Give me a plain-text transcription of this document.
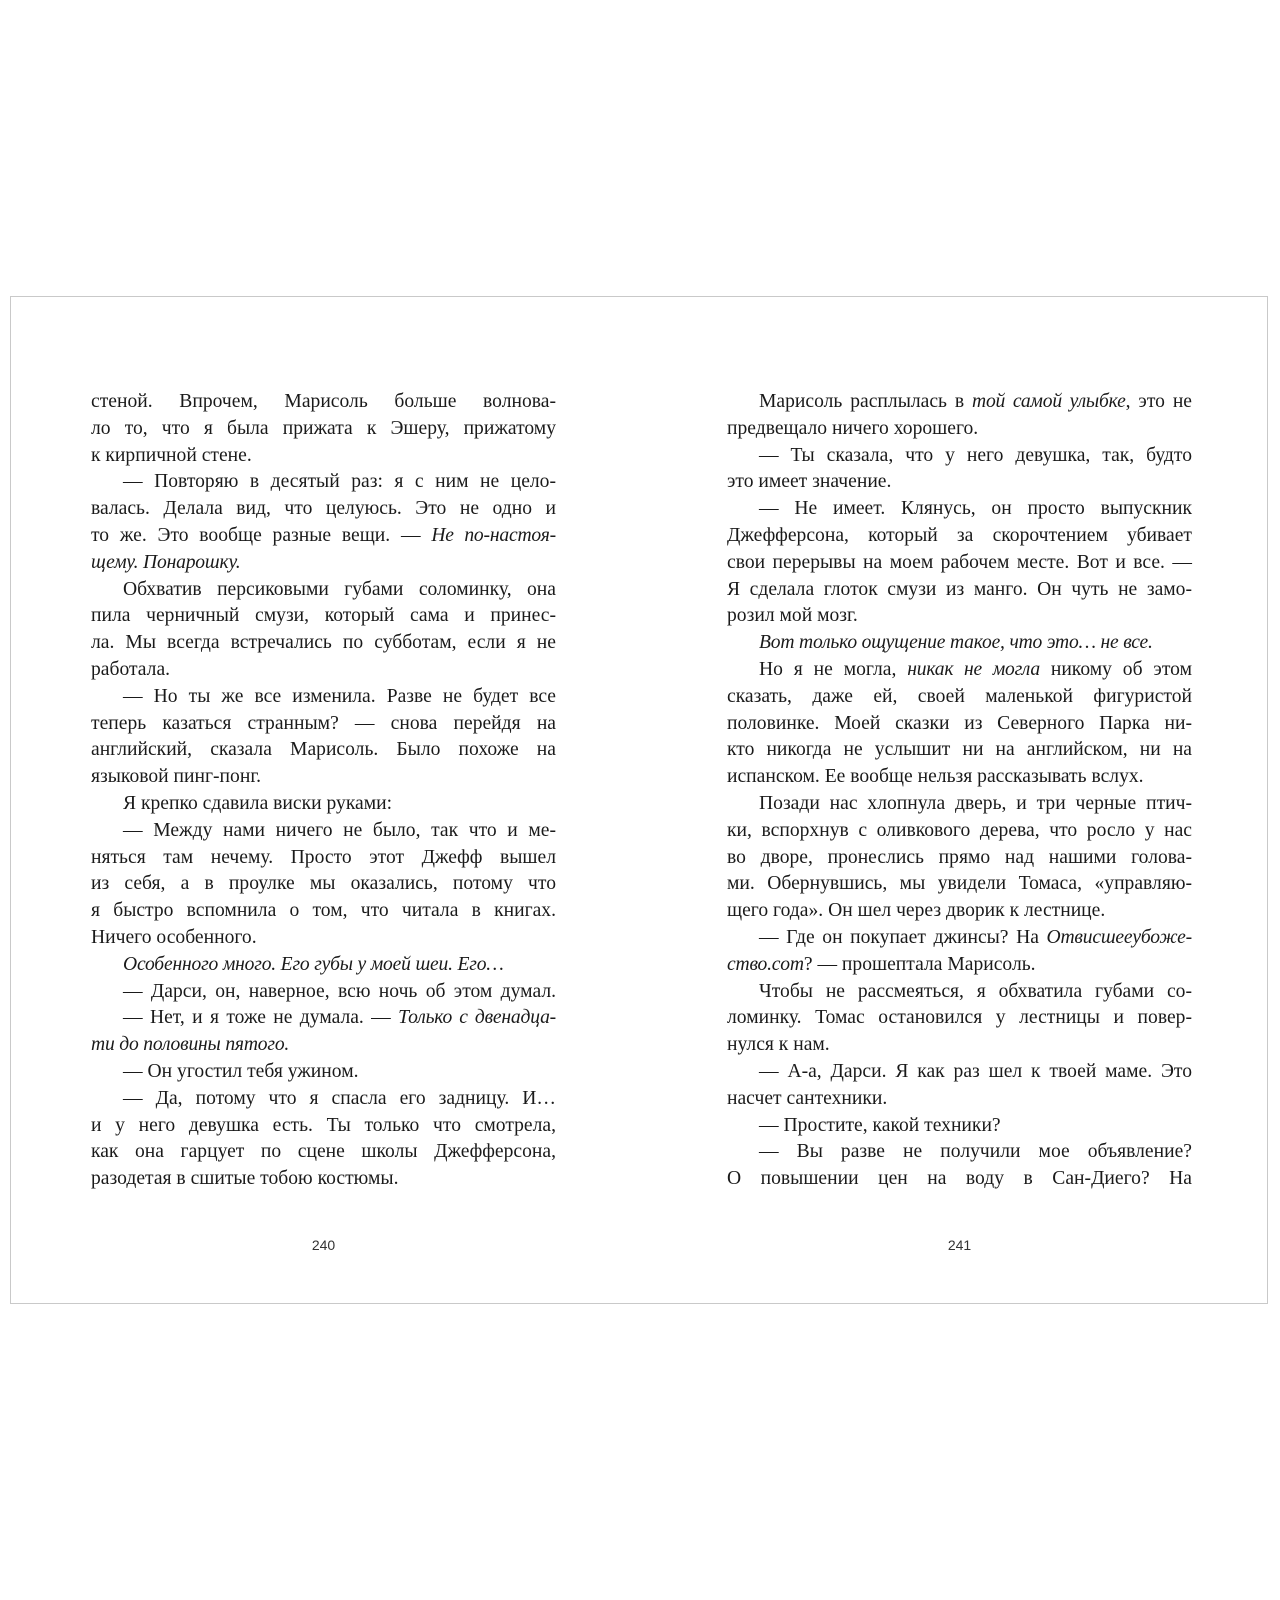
стеной. Впрочем, Марисоль больше волнова-
ло то, что я была прижата к Эшеру, прижатому
к кирпичной стене.
— Повторяю в десятый раз: я с ним не цело-
валась. Делала вид, что целуюсь. Это не одно и
то же. Это вообще разные вещи. — Не по-настоя-
щему. Понарошку.
Обхватив персиковыми губами соломинку, она
пила черничный смузи, который сама и принес-
ла. Мы всегда встречались по субботам, если я не
работала.
— Но ты же все изменила. Разве не будет все
теперь казаться странным? — снова перейдя на
английский, сказала Марисоль. Было похоже на
языковой пинг-понг.
Я крепко сдавила виски руками:
— Между нами ничего не было, так что и ме-
няться там нечему. Просто этот Джефф вышел
из себя, а в проулке мы оказались, потому что
я быстро вспомнила о том, что читала в книгах.
Ничего особенного.
Особенного много. Его губы у моей шеи. Его…
— Дарси, он, наверное, всю ночь об этом думал.
— Нет, и я тоже не думала. — Только с двенадца-
ти до половины пятого.
— Он угостил тебя ужином.
— Да, потому что я спасла его задницу. И…
и у него девушка есть. Ты только что смотрела,
как она гарцует по сцене школы Джефферсона,
разодетая в сшитые тобою костюмы.
Марисоль расплылась в той самой улыбке, это не
предвещало ничего хорошего.
— Ты сказала, что у него девушка, так, будто
это имеет значение.
— Не имеет. Клянусь, он просто выпускник
Джефферсона, который за скорочтением убивает
свои перерывы на моем рабочем месте. Вот и все. —
Я сделала глоток смузи из манго. Он чуть не замо-
розил мой мозг.
Вот только ощущение такое, что это… не все.
Но я не могла, никак не могла никому об этом
сказать, даже ей, своей маленькой фигуристой
половинке. Моей сказки из Северного Парка ни-
кто никогда не услышит ни на английском, ни на
испанском. Ее вообще нельзя рассказывать вслух.
Позади нас хлопнула дверь, и три черные птич-
ки, вспорхнув с оливкового дерева, что росло у нас
во дворе, пронеслись прямо над нашими голова-
ми. Обернувшись, мы увидели Томаса, «управляю-
щего года». Он шел через дворик к лестнице.
— Где он покупает джинсы? На Отвисшееубоже-
ство.com? — прошептала Марисоль.
Чтобы не рассмеяться, я обхватила губами со-
ломинку. Томас остановился у лестницы и повер-
нулся к нам.
— А-а, Дарси. Я как раз шел к твоей маме. Это
насчет сантехники.
— Простите, какой техники?
— Вы разве не получили мое объявление?
О повышении цен на воду в Сан-Диего? На
240	241
